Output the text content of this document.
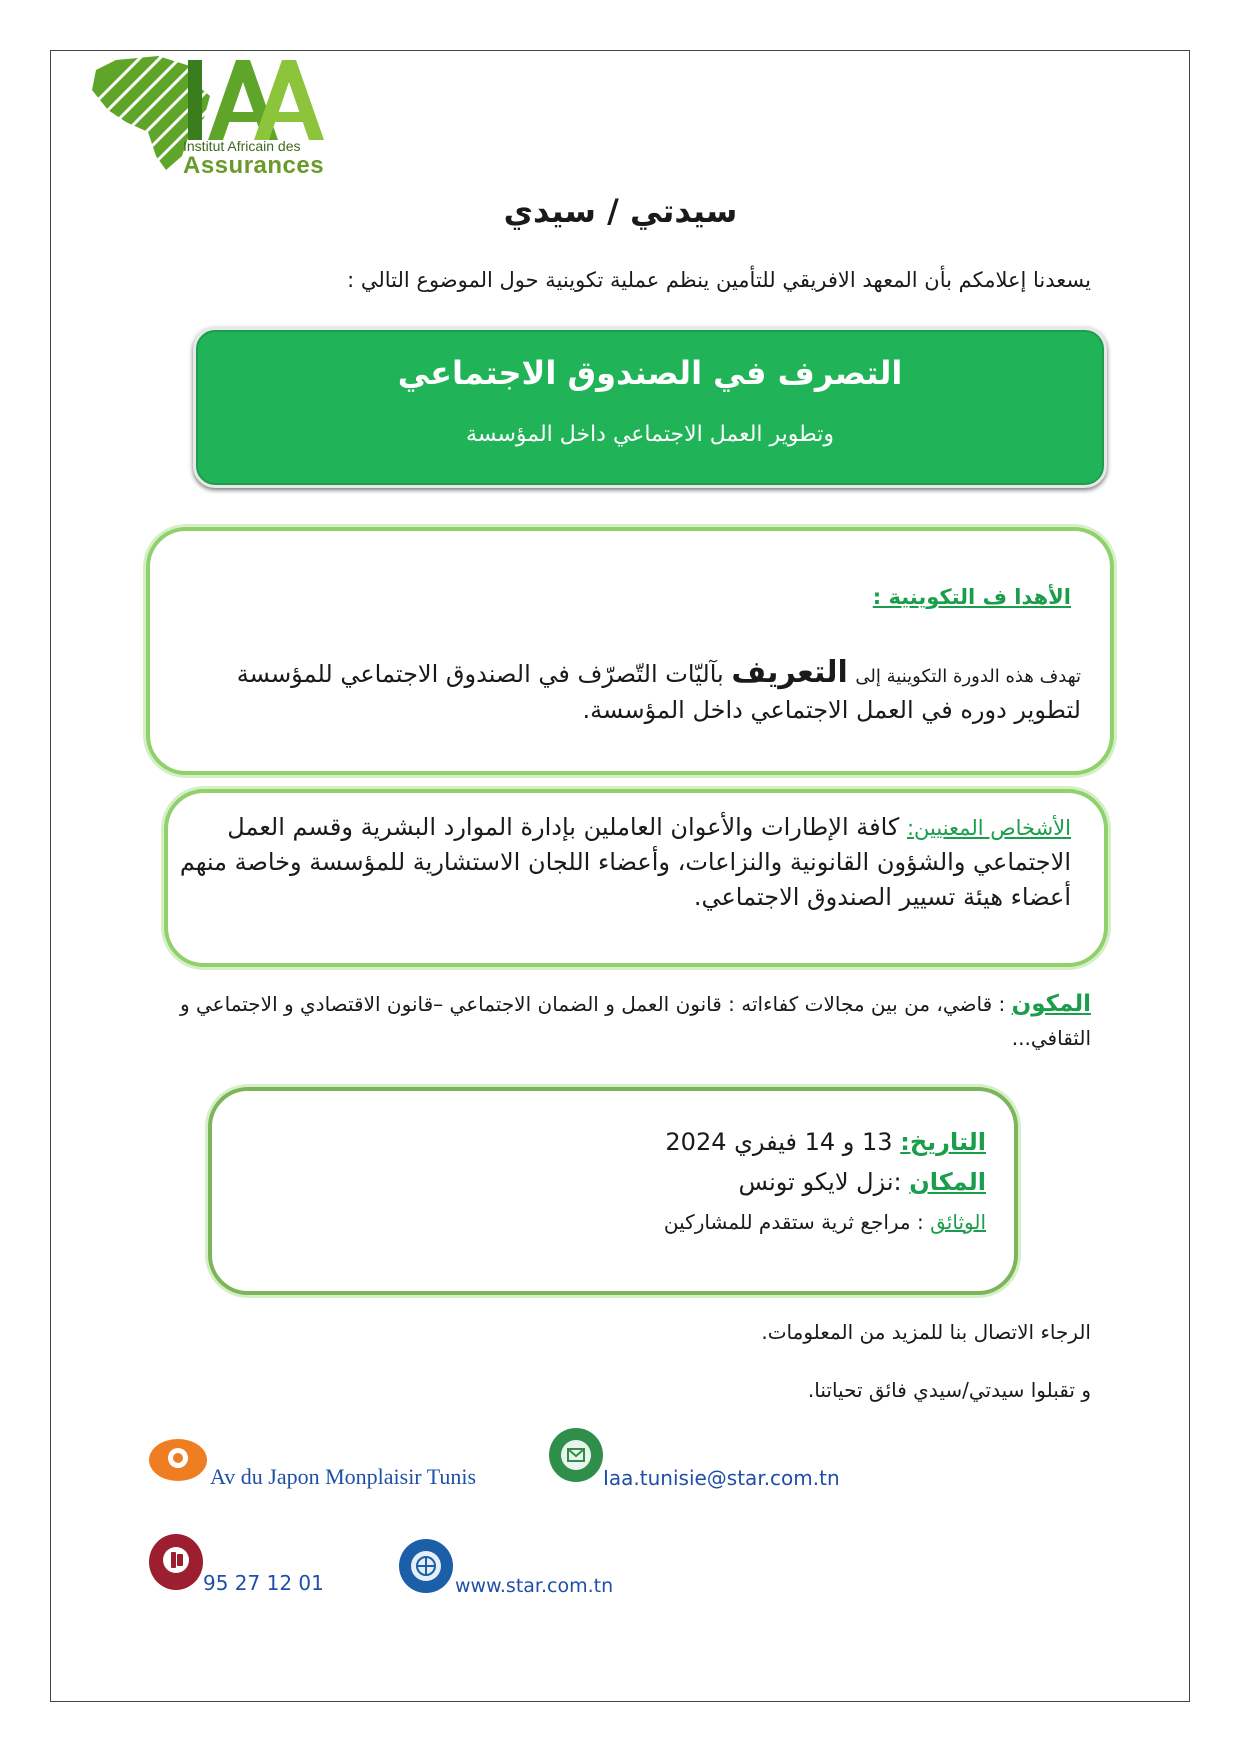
Institut Africain des
Assurances
سيدتي / سيدي
يسعدنا إعلامكم بأن المعهد الافريقي للتأمين ينظم عملية تكوينية حول الموضوع التالي :
التصرف في الصندوق الاجتماعي
وتطوير العمل الاجتماعي داخل المؤسسة
الأهدا ف التكوينية :
تهدف هذه الدورة التكوينية إلى التعريف بآليّات التّصرّف في الصندوق الاجتماعي للمؤسسة لتطوير دوره في العمل الاجتماعي داخل المؤسسة.
الأشخاص المعنيين: كافة الإطارات والأعوان العاملين بإدارة الموارد البشرية وقسم العمل الاجتماعي والشؤون القانونية والنزاعات، وأعضاء اللجان الاستشارية للمؤسسة وخاصة منهم أعضاء هيئة تسيير الصندوق الاجتماعي.
المكون : قاضي، من بين مجالات كفاءاته : قانون العمل و الضمان الاجتماعي –قانون الاقتصادي و الاجتماعي و الثقافي...
التاريخ: 13 و 14 فيفري 2024
المكان :نزل لايكو تونس
الوثائق : مراجع ثرية ستقدم للمشاركين
الرجاء الاتصال بنا للمزيد من المعلومات.
و تقبلوا سيدتي/سيدي فائق تحياتنا.
Av du Japon Monplaisir Tunis	Iaa.tunisie@star.com.tn
95 27 12 01	www.star.com.tn
